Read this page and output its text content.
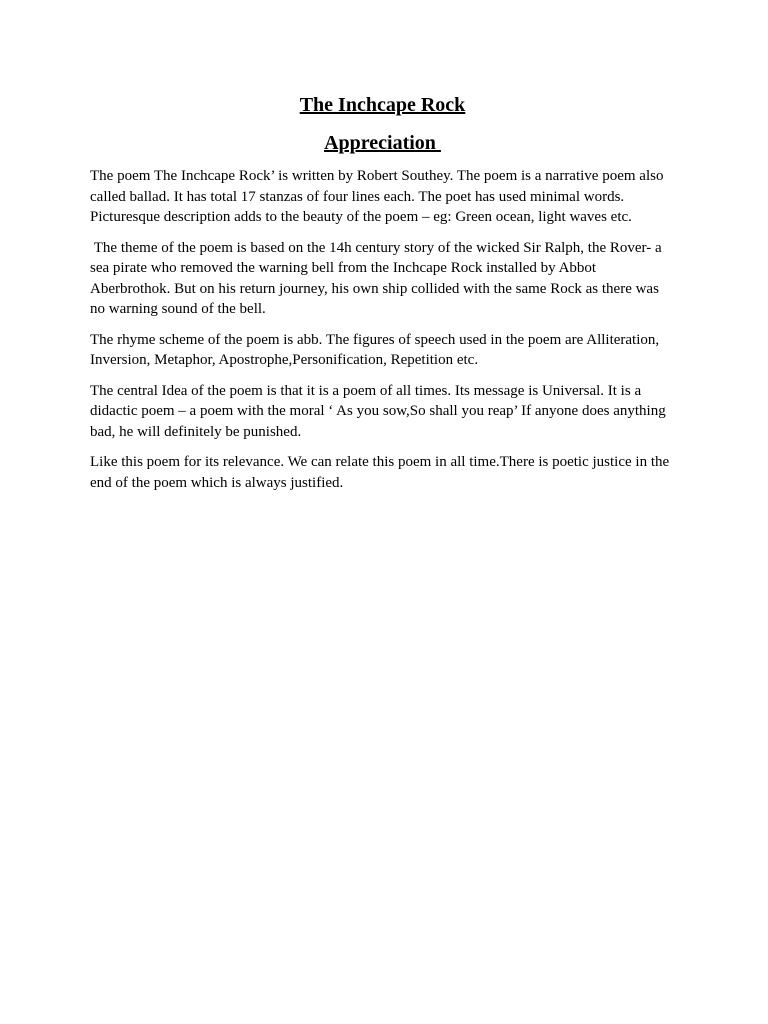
The Inchcape Rock
Appreciation

The poem The Inchcape Rock’ is written by Robert Southey. The poem is a narrative poem also called ballad. It has total 17 stanzas of four lines each. The poet has used minimal words. Picturesque description adds to the beauty of the poem – eg: Green ocean, light waves etc.

The theme of the poem is based on the 14h century story of the wicked Sir Ralph, the Rover- a sea pirate who removed the warning bell from the Inchcape Rock installed by Abbot Aberbrothok. But on his return journey, his own ship collided with the same Rock as there was no warning sound of the bell.

The rhyme scheme of the poem is abb. The figures of speech used in the poem are Alliteration, Inversion, Metaphor, Apostrophe,Personification, Repetition etc.

The central Idea of the poem is that it is a poem of all times. Its message is Universal. It is a didactic poem – a poem with the moral ‘ As you sow,So shall you reap’ If anyone does anything bad, he will definitely be punished.

Like this poem for its relevance. We can relate this poem in all time.There is poetic justice in the end of the poem which is always justified.
